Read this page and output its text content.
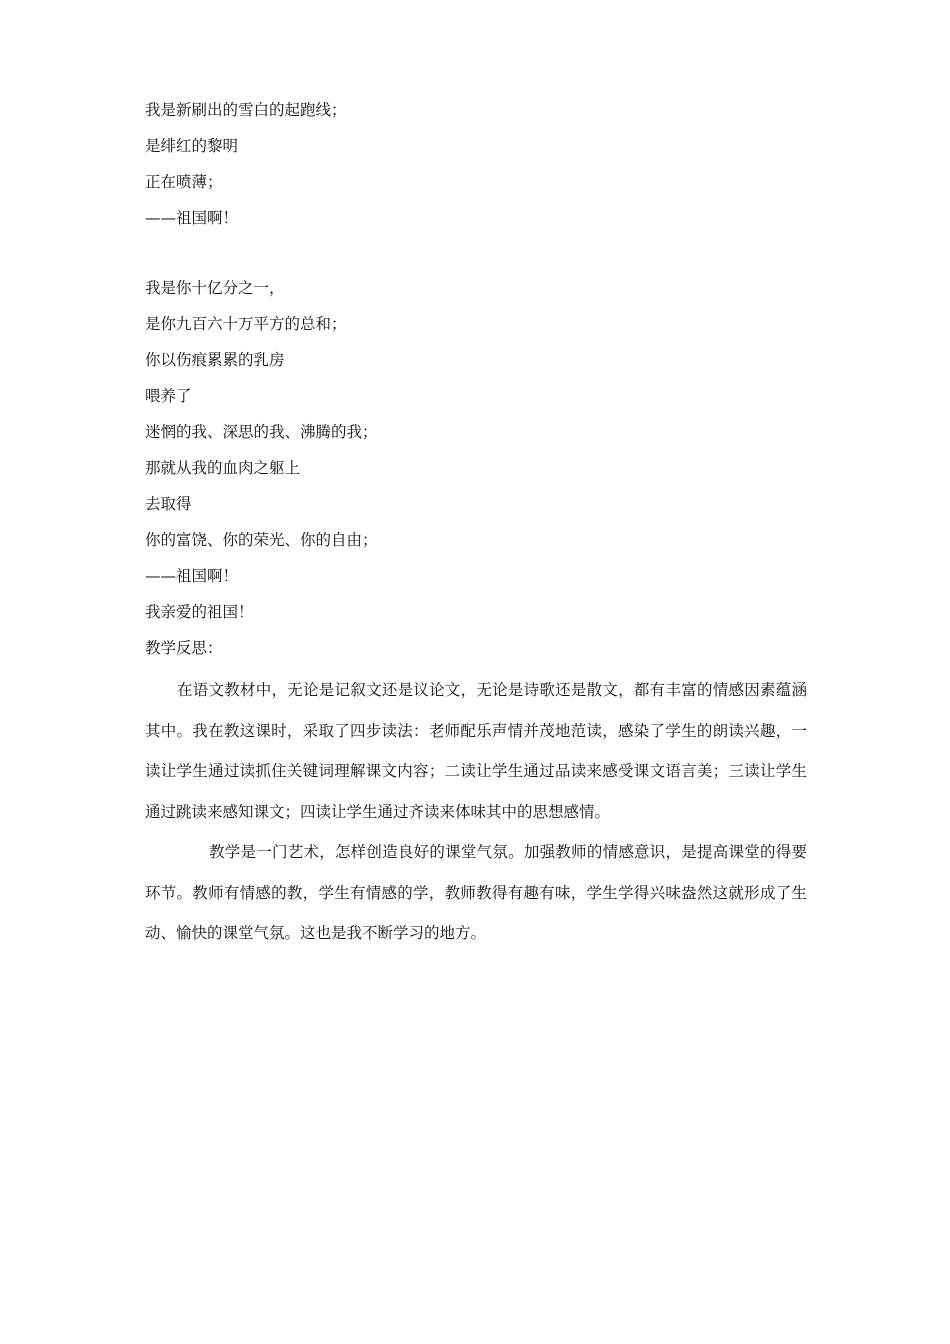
我是新刷出的雪白的起跑线；
是绯红的黎明
正在喷薄；
——祖国啊！
我是你十亿分之一，
是你九百六十万平方的总和；
你以伤痕累累的乳房
喂养了
迷惘的我、深思的我、沸腾的我；
那就从我的血肉之躯上
去取得
你的富饶、你的荣光、你的自由；
——祖国啊！
我亲爱的祖国！
教学反思：

在语文教材中，无论是记叙文还是议论文，无论是诗歌还是散文，都有丰富的情感因素蕴涵其中。我在教这课时，采取了四步读法：老师配乐声情并茂地范读，感染了学生的朗读兴趣，一读让学生通过读抓住关键词理解课文内容；二读让学生通过品读来感受课文语言美；三读让学生通过跳读来感知课文；四读让学生通过齐读来体味其中的思想感情。

教学是一门艺术，怎样创造良好的课堂气氛。加强教师的情感意识，是提高课堂的得要环节。教师有情感的教，学生有情感的学，教师教得有趣有味，学生学得兴味盎然这就形成了生动、愉快的课堂气氛。这也是我不断学习的地方。
